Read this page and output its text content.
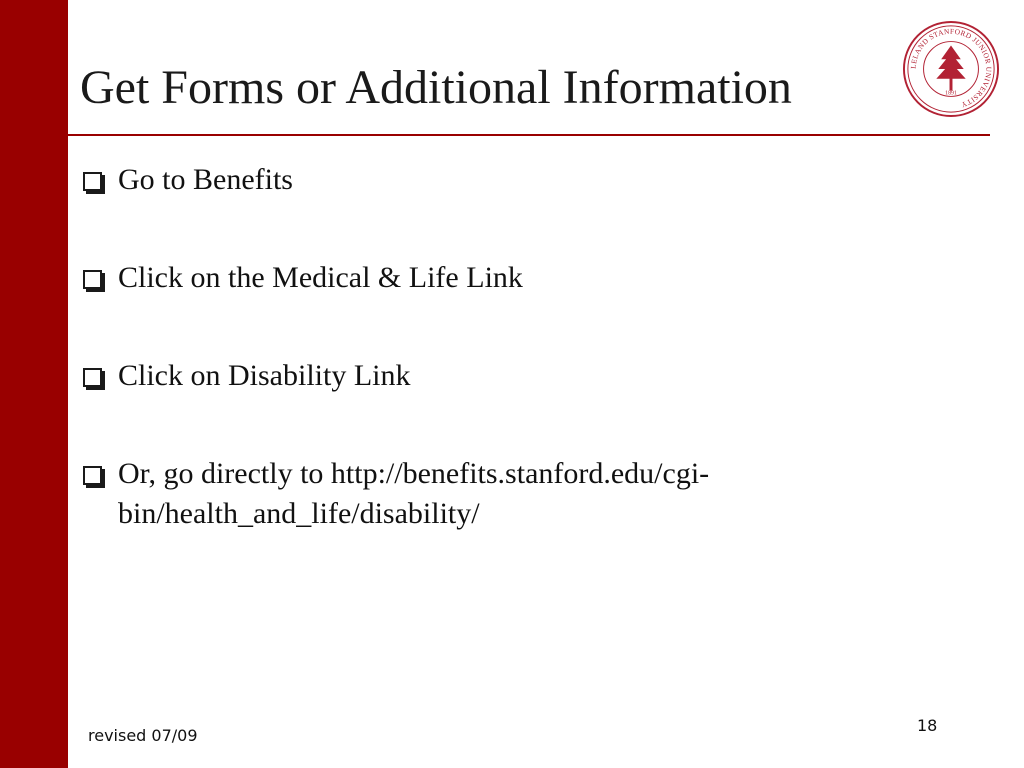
Get Forms or Additional Information	LELAND STANFORD JUNIOR UNIVERSITY
1891
Go to Benefits
Click on the Medical & Life Link
Click on Disability Link
Or, go directly to http://benefits.stanford.edu/cgi-bin/health_and_life/disability/
revised 07/09
18
